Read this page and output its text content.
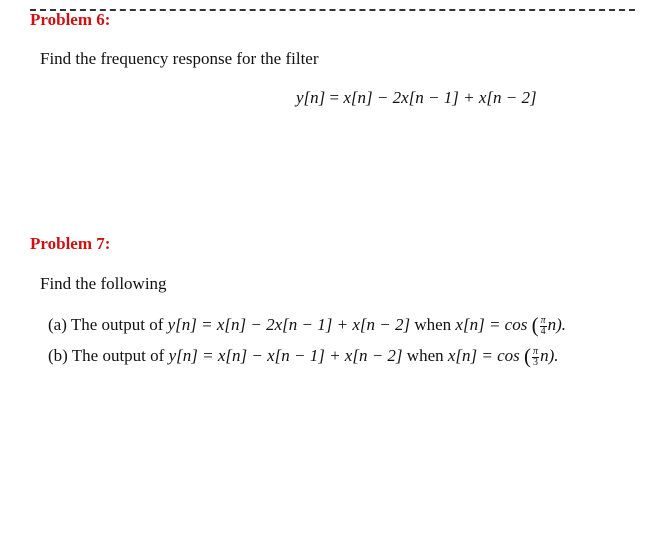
Problem 6:

Find the frequency response for the filter

y[n] = x[n] − 2x[n − 1] + x[n − 2]
Problem 7:

Find the following

(a) The output of y[n] = x[n] − 2x[n − 1] + x[n − 2] when x[n] = cos ( $\frac{\pi}{4} n$).
(b) The output of y[n] = x[n] − x[n − 1] + x[n − 2] when x[n] = cos ( $\frac{\pi}{3} n$).
